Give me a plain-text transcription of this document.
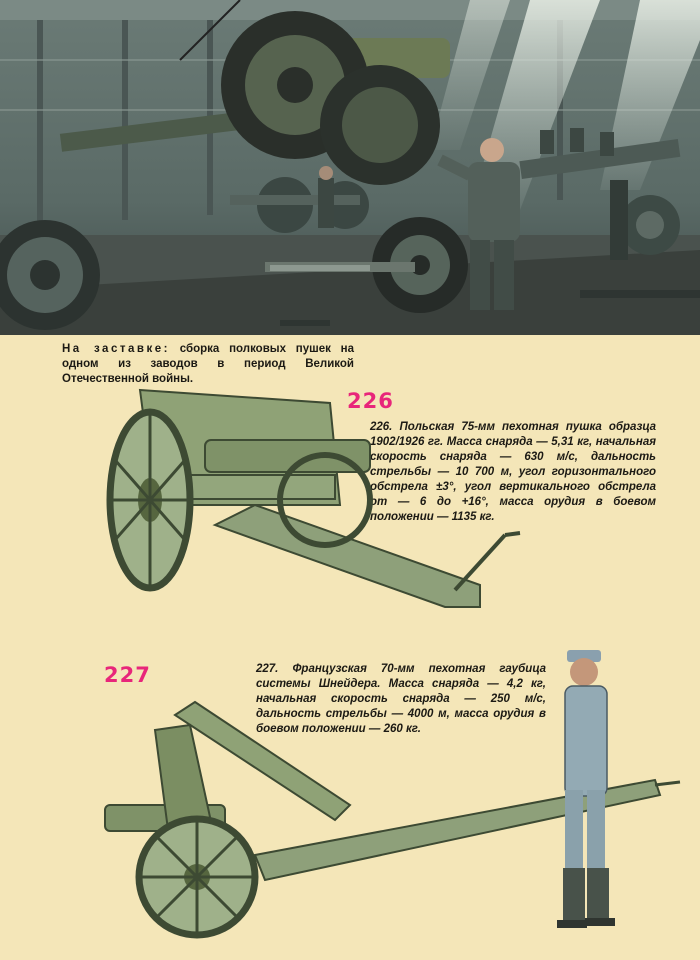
На заставке: сборка полковых пушек на одном из заводов в период Великой Отечественной войны.
226
226. Польская 75-мм пехотная пушка образца 1902/1926 гг. Масса снаряда — 5,31 кг, начальная скорость снаряда — 630 м/с, дальность стрельбы — 10 700 м, угол горизонтального обстрела ±3°, угол вертикального обстрела от — 6 до +16°, масса орудия в боевом положении — 1135 кг.
227	227. Французская 70-мм пехотная гаубица системы Шнейдера. Масса снаряда — 4,2 кг, начальная скорость снаряда — 250 м/с, дальность стрельбы — 4000 м, масса орудия в боевом положении — 260 кг.
